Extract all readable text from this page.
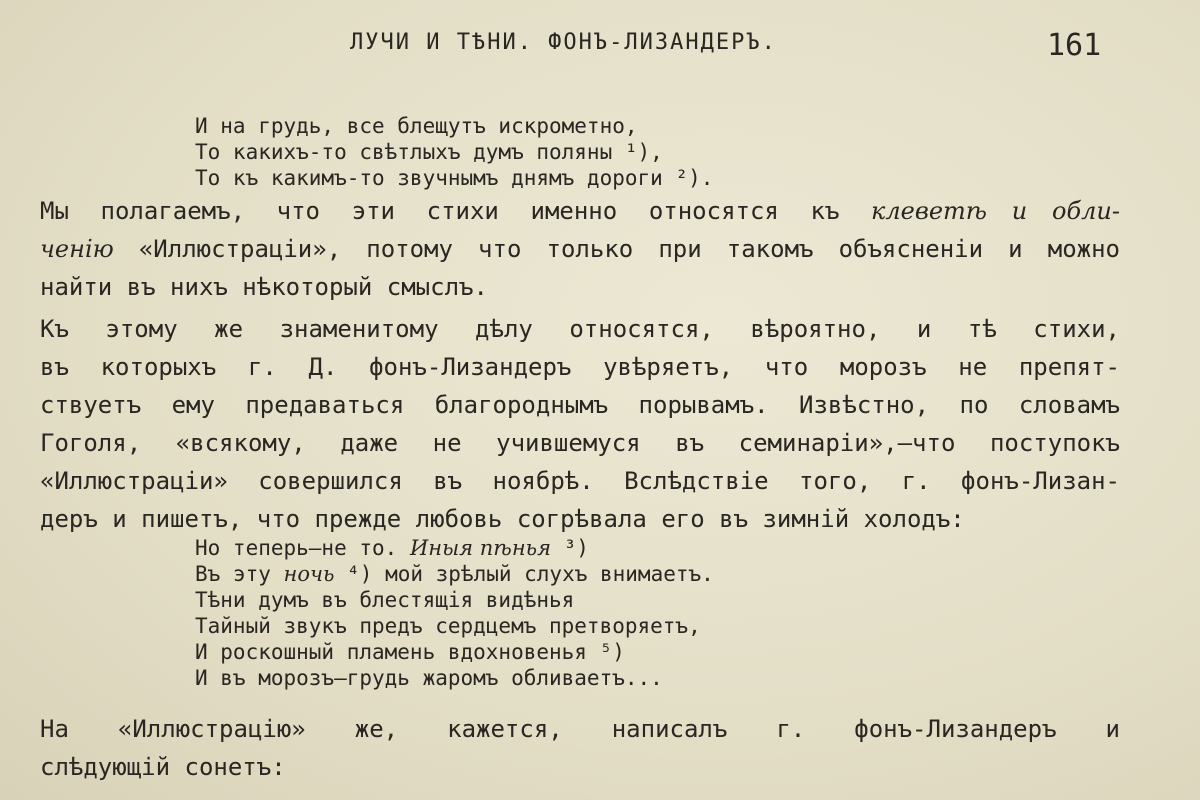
ЛУЧИ И ТѢНИ. ФОНЪ-ЛИЗАНДЕРЪ.	161
И на грудь, все блещутъ искрометно,
То какихъ-то свѣтлыхъ думъ поляны ¹),
То къ какимъ-то звучнымъ днямъ дороги ²).
Мы полагаемъ, что эти стихи именно относятся къ клеветѣ и обли-
ченію «Иллюстраціи», потому что только при такомъ объясненіи и можно
найти въ нихъ нѣкоторый смыслъ.
Къ этому же знаменитому дѣлу относятся, вѣроятно, и тѣ стихи,
въ которыхъ г. Д. фонъ-Лизандеръ увѣряетъ, что морозъ не препят-
ствуетъ ему предаваться благороднымъ порывамъ. Извѣстно, по словамъ
Гоголя, «всякому, даже не учившемуся въ семинаріи»,—что поступокъ
«Иллюстраціи» совершился въ ноябрѣ. Вслѣдствіе того, г. фонъ-Лизан-
деръ и пишетъ, что прежде любовь согрѣвала его въ зимній холодъ:
Но теперь—не то. Иныя пѣнья ³)
Въ эту ночь ⁴) мой зрѣлый слухъ внимаетъ.
Тѣни думъ въ блестящія видѣнья
Тайный звукъ предъ сердцемъ претворяетъ,
И роскошный пламень вдохновенья ⁵)
И въ морозъ—грудь жаромъ обливаетъ...
На «Иллюстрацію» же, кажется, написалъ г. фонъ-Лизандеръ и
слѣдующій сонетъ:
